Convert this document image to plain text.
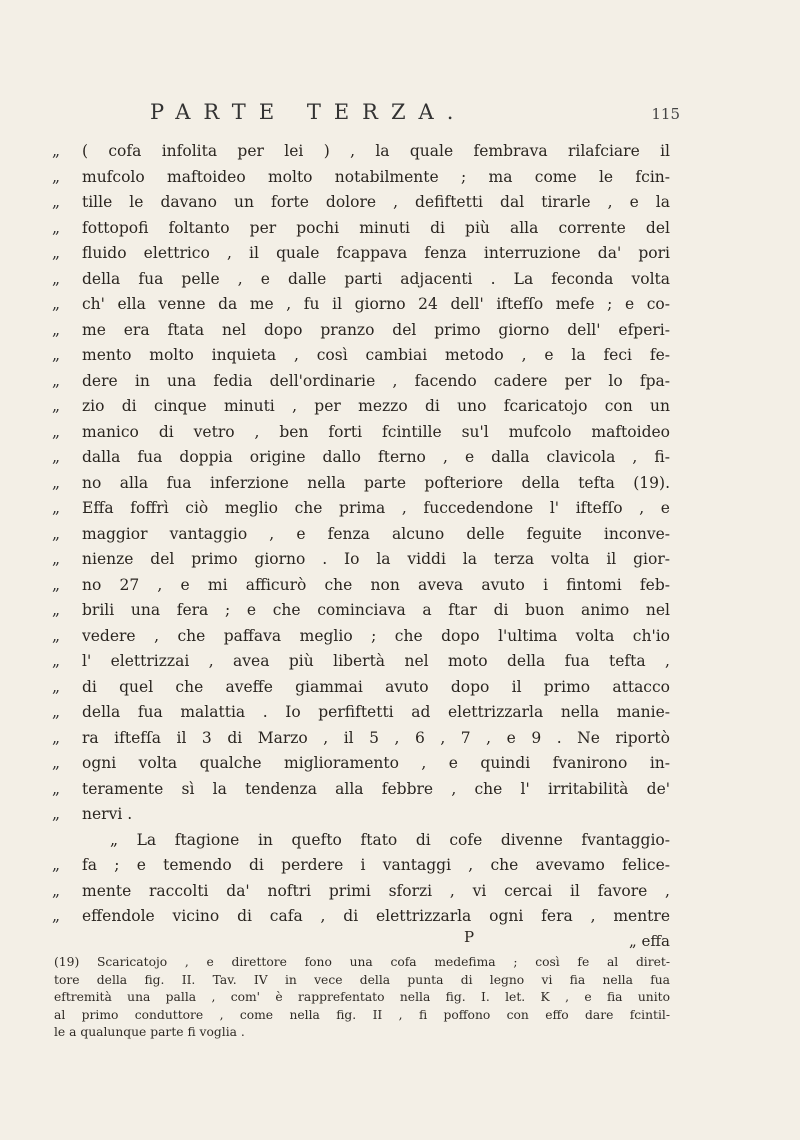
PARTE TERZA.	115
„	( cofa infolita per lei ) , la quale fembrava rilafciare il
„	mufcolo maftoideo molto notabilmente ; ma come le fcin-
„	tille le davano un forte dolore , defiftetti dal tirarle , e la
„	fottopofi foltanto per pochi minuti di più alla corrente del
„	fluido elettrico , il quale fcappava fenza interruzione da' pori
„	della fua pelle , e dalle parti adjacenti . La feconda volta
„	ch' ella venne da me , fu il giorno 24 dell' iftefſo mefe ; e co-
„	me era ftata nel dopo pranzo del primo giorno dell' efperi-
„	mento molto inquieta , così cambiai metodo , e la feci fe-
„	dere in una fedia dell'ordinarie , facendo cadere per lo fpa-
„	zio di cinque minuti , per mezzo di uno fcaricatojo con un
„	manico di vetro , ben forti fcintille su'l mufcolo maftoideo
„	dalla fua doppia origine dallo fterno , e dalla clavicola , fi-
„	no alla fua inferzione nella parte pofteriore della tefta (19).
„	Effa foffrì ciò meglio che prima , fuccedendone l' iftefſo , e
„	maggior vantaggio , e fenza alcuno delle feguite inconve-
„	nienze del primo giorno . Io la viddi la terza volta il gior-
„	no 27 , e mi afficurò che non aveva avuto i fintomi feb-
„	brili una fera ; e che cominciava a ftar di buon animo nel
„	vedere , che paffava meglio ; che dopo l'ultima volta ch'io
„	l' elettrizzai , avea più libertà nel moto della fua tefta ,
„	di quel che aveffe giammai avuto dopo il primo attacco
„	della fua malattia . Io perfiftetti ad elettrizzarla nella manie-
„	ra iftefſa il 3 di Marzo , il 5 , 6 , 7 , e 9 . Ne riportò
„	ogni volta qualche miglioramento , e quindi fvanirono in-
„	teramente sì la tendenza alla febbre , che l' irritabilità de'
„	nervi .
„ La ftagione in quefto ftato di cofe divenne fvantaggio-
„	fa ; e temendo di perdere i vantaggi , che avevamo felice-
„	mente raccolti da' noftri primi sforzi , vi cercai il favore ,
„	effendole vicino di cafa , di elettrizzarla ogni fera , mentre
P	„ effa
(19) Scaricatojo , e direttore fono una cofa medefima ; così fe al diret-
tore della fig. II. Tav. IV in vece della punta di legno vi fia nella fua
eftremità una palla , com' è rapprefentato nella fig. I. let. K , e fia unito
al primo conduttore , come nella fig. II , fi poffono con effo dare fcintil-
le a qualunque parte fi voglia .
